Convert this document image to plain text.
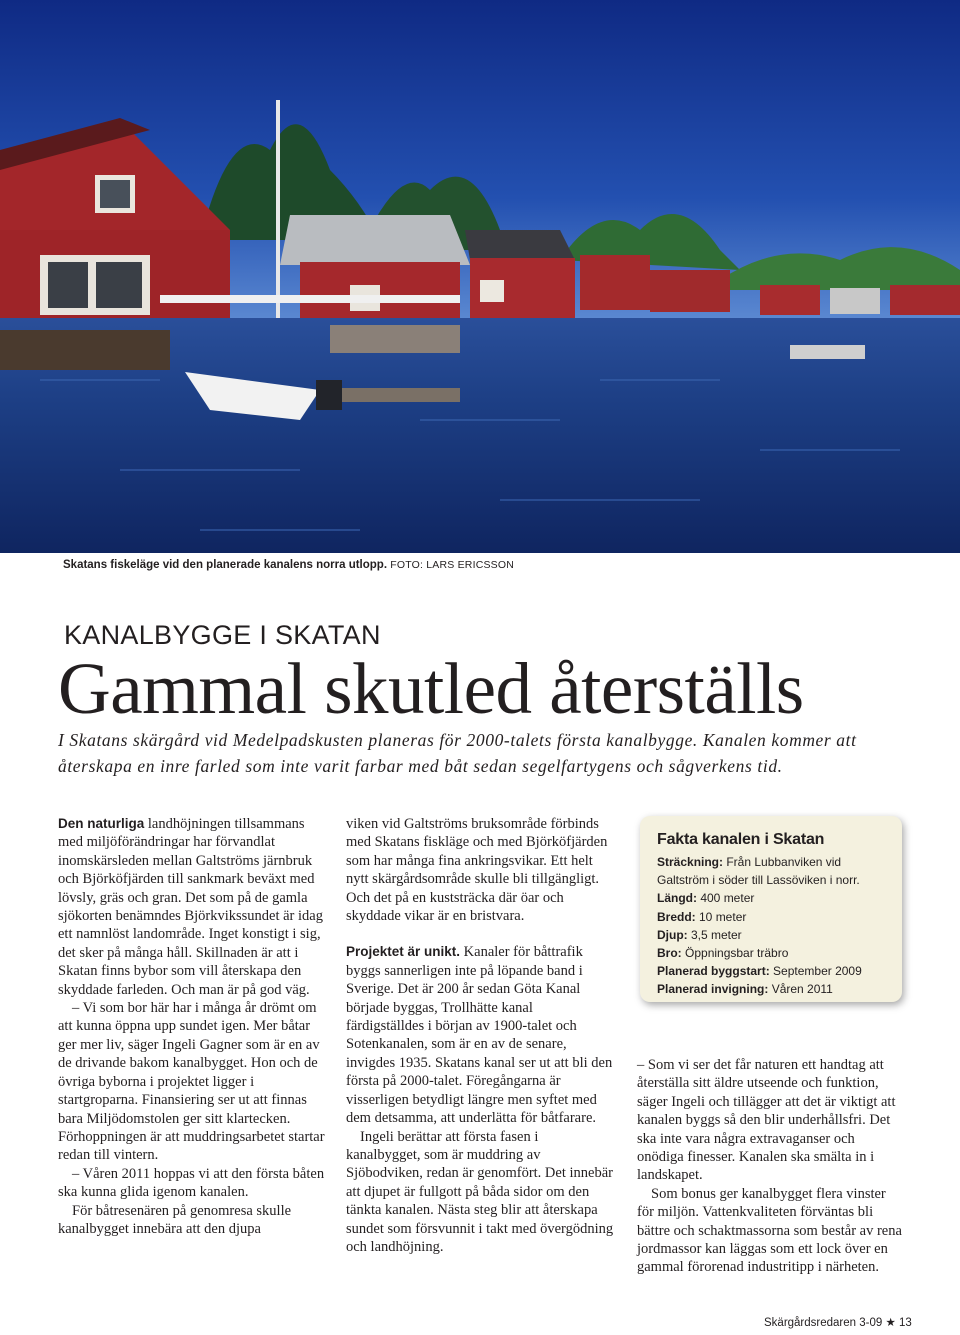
Skatans fiskeläge vid den planerade kanalens norra utlopp. FOTO: LARS ERICSSON
KANALBYGGE I SKATAN
Gammal skutled återställs
I Skatans skärgård vid Medelpadskusten planeras för 2000-talets första kanalbygge. Kanalen kommer att återskapa en inre farled som inte varit farbar med båt sedan segelfartygens och sågverkens tid.

Den naturliga landhöjningen tillsammans med miljöförändringar har förvandlat inomskärsleden mellan Galtströms järnbruk och Björköfjärden till sankmark beväxt med lövsly, gräs och gran. Det som på de gamla sjökorten benämndes Björkvikssundet är idag ett namnlöst landområde. Inget konstigt i sig, det sker på många håll. Skillnaden är att i Skatan finns bybor som vill återskapa den skyddade farleden. Och man är på god väg.

– Vi som bor här har i många år drömt om att kunna öppna upp sundet igen. Mer båtar ger mer liv, säger Ingeli Gagner som är en av de drivande bakom kanalbygget. Hon och de övriga byborna i projektet ligger i startgroparna. Finansiering ser ut att finnas bara Miljödomstolen ger sitt klartecken. Förhoppningen är att muddringsarbetet startar redan till vintern.

– Våren 2011 hoppas vi att den första båten ska kunna glida igenom kanalen.

För båtresenären på genomresa skulle kanalbygget innebära att den djupa

viken vid Galtströms bruksområde förbinds med Skatans fiskläge och med Björköfjärden som har många fina ankringsvikar. Ett helt nytt skärgårdsområde skulle bli tillgängligt. Och det på en kuststräcka där öar och skyddade vikar är en bristvara.

Projektet är unikt. Kanaler för båttrafik byggs sannerligen inte på löpande band i Sverige. Det är 200 år sedan Göta Kanal började byggas, Trollhätte kanal färdigställdes i början av 1900-talet och Sotenkanalen, som är en av de senare, invigdes 1935. Skatans kanal ser ut att bli den första på 2000-talet. Föregångarna är visserligen betydligt längre men syftet med dem detsamma, att underlätta för båtfarare.

Ingeli berättar att första fasen i kanalbygget, som är muddring av Sjöbodviken, redan är genomfört. Det innebär att djupet är fullgott på båda sidor om den tänkta kanalen. Nästa steg blir att återskapa sundet som försvunnit i takt med övergödning och landhöjning.

Fakta kanalen i Skatan
Sträckning: Från Lubbanviken vid Galtström i söder till Lassöviken i norr.
Längd: 400 meter
Bredd: 10 meter
Djup: 3,5 meter
Bro: Öppningsbar träbro
Planerad byggstart: September 2009
Planerad invigning: Våren 2011

– Som vi ser det får naturen ett handtag att återställa sitt äldre utseende och funktion, säger Ingeli och tillägger att det är viktigt att kanalen byggs så den blir underhållsfri. Det ska inte vara några extravaganser och onödiga finesser. Kanalen ska smälta in i landskapet.

Som bonus ger kanalbygget flera vinster för miljön. Vattenkvaliteten förväntas bli bättre och schaktmassorna som består av rena jordmassor kan läggas som ett lock över en gammal förorenad industritipp i närheten.

Skärgårdsredaren 3-09 ★ 13
